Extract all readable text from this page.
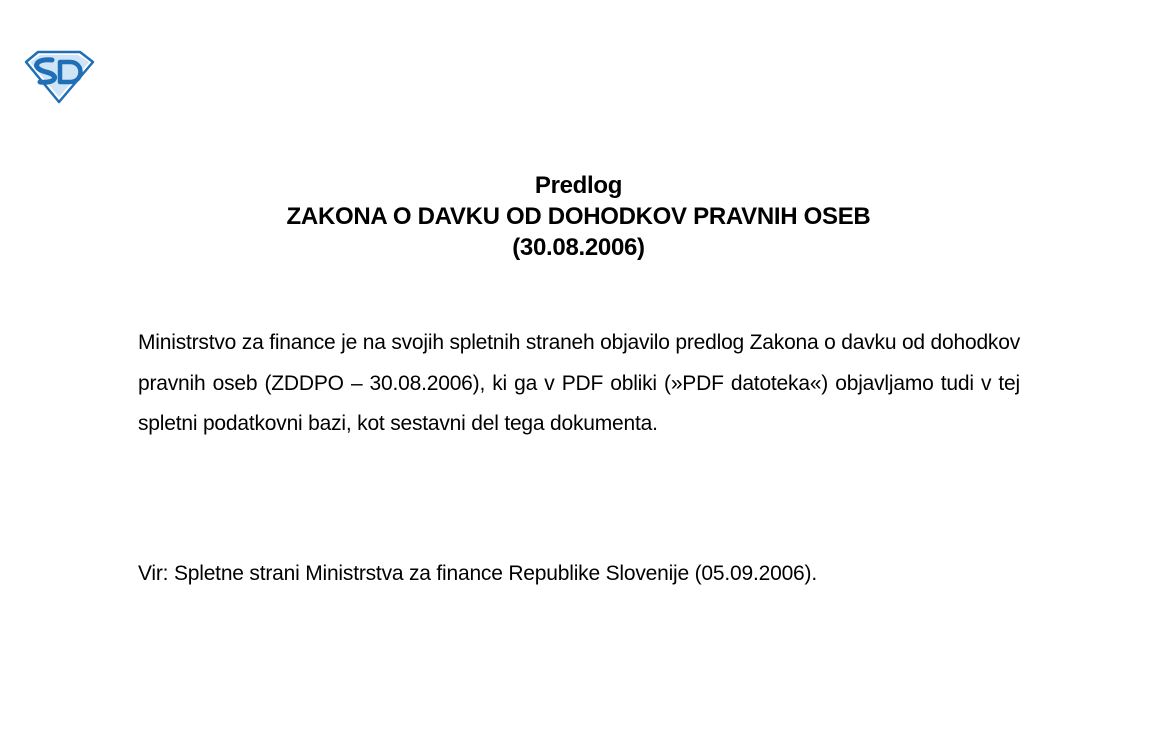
Predlog
ZAKONA O DAVKU OD DOHODKOV PRAVNIH OSEB
(30.08.2006)

Ministrstvo za finance je na svojih spletnih straneh objavilo predlog Zakona o davku od dohodkov pravnih oseb (ZDDPO – 30.08.2006), ki ga v PDF obliki (»PDF datoteka«) objavljamo tudi v tej spletni podatkovni bazi, kot sestavni del tega dokumenta.

Vir: Spletne strani Ministrstva za finance Republike Slovenije (05.09.2006).
